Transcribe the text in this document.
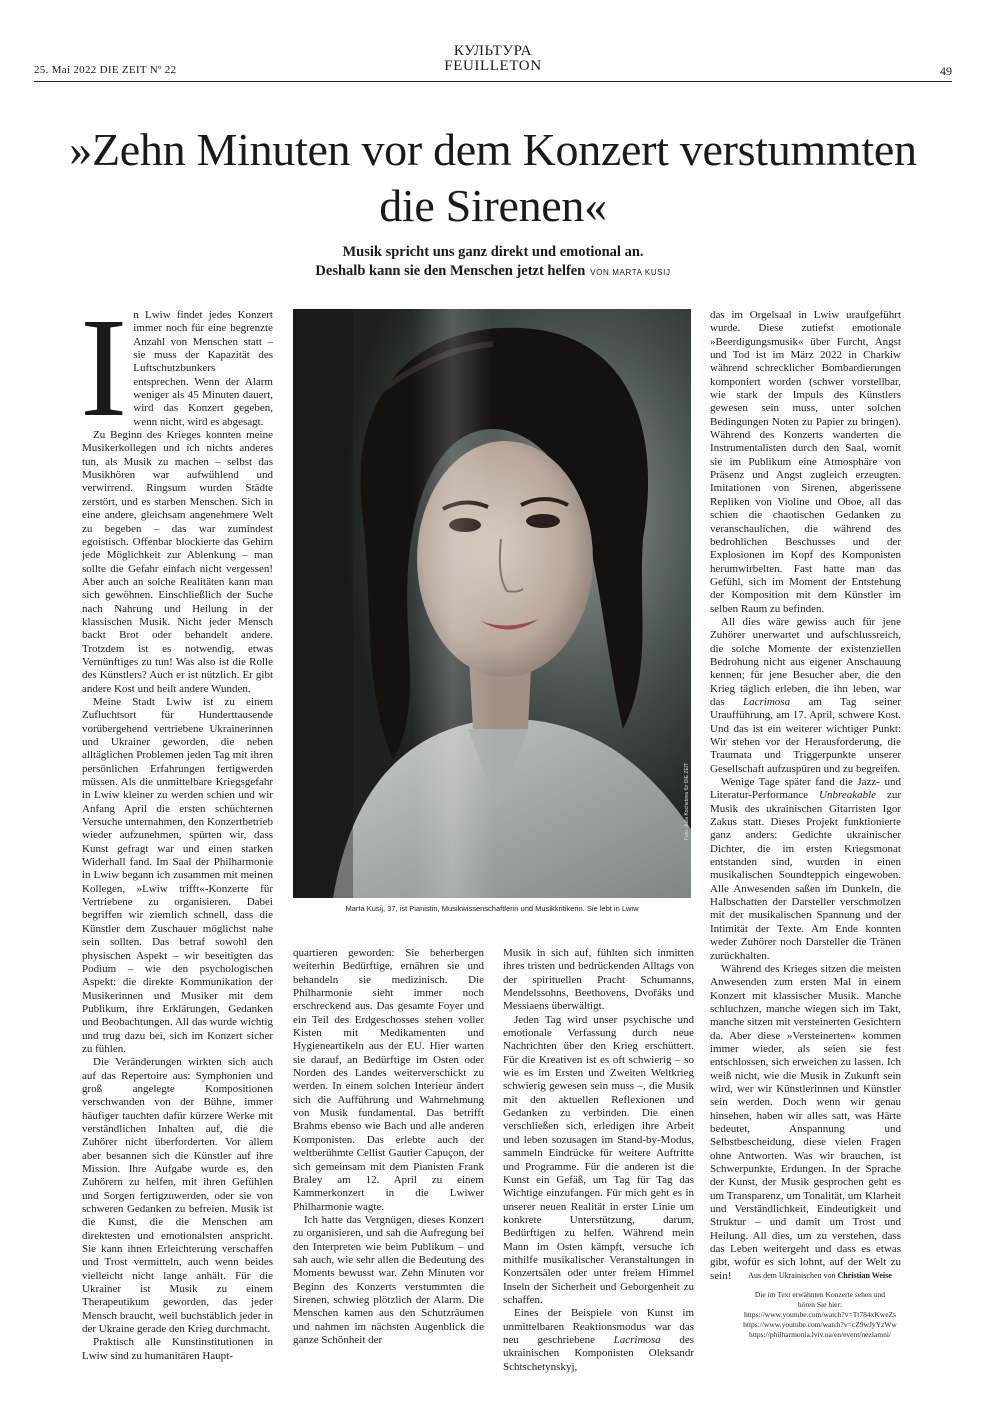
25. Mai 2022 DIE ZEIT Nº 22
КУЛЬТУРА
FEUILLETON	49
»Zehn Minuten vor dem Konzert verstummten die Sirenen«
Musik spricht uns ganz direkt und emotional an.
Deshalb kann sie den Menschen jetzt helfen VON MARTA KUSIJ
I n Lwiw findet jedes Konzert immer noch für eine begrenzte Anzahl von Menschen statt – sie muss der Kapazität des Luftschutzbunkers entsprechen. Wenn der Alarm weniger als 45 Minuten dauert, wird das Konzert gegeben, wenn nicht, wird es abgesagt.

Zu Beginn des Krieges konnten meine Musikerkollegen und ich nichts anderes tun, als Musik zu machen – selbst das Musikhören war aufwühlend und verwirrend. Ringsum wurden Städte zerstört, und es starben Menschen. Sich in eine andere, gleichsam angenehmere Welt zu begeben – das war zumindest egoistisch. Offenbar blockierte das Gehirn jede Möglichkeit zur Ablenkung – man sollte die Gefahr einfach nicht vergessen! Aber auch an solche Realitäten kann man sich gewöhnen. Einschließlich der Suche nach Nahrung und Heilung in der klassischen Musik. Nicht jeder Mensch backt Brot oder behandelt andere. Trotzdem ist es notwendig, etwas Vernünftiges zu tun! Was also ist die Rolle des Künstlers? Auch er ist nützlich. Er gibt andere Kost und heilt andere Wunden.

Meine Stadt Lwiw ist zu einem Zufluchtsort für Hunderttausende vorübergehend vertriebene Ukrainerinnen und Ukrainer geworden, die neben alltäglichen Problemen jeden Tag mit ihren persönlichen Erfahrungen fertigwerden müssen. Als die unmittelbare Kriegsgefahr in Lwiw kleiner zu werden schien und wir Anfang April die ersten schüchternen Versuche unternahmen, den Konzertbetrieb wieder aufzunehmen, spürten wir, dass Kunst gefragt war und einen starken Widerhall fand. Im Saal der Philharmonie in Lwiw begann ich zusammen mit meinen Kollegen, »Lwiw trifft«-Konzerte für Vertriebene zu organisieren. Dabei begriffen wir ziemlich schnell, dass die Künstler dem Zuschauer möglichst nahe sein sollten. Das betraf sowohl den physischen Aspekt – wir beseitigten das Podium – wie den psychologischen Aspekt: die direkte Kommunikation der Musikerinnen und Musiker mit dem Publikum, ihre Erklärungen, Gedanken und Beobachtungen. All das wurde wichtig und trug dazu bei, sich im Konzert sicher zu fühlen.

Die Veränderungen wirkten sich auch auf das Repertoire aus: Symphonien und groß angelegte Kompositionen verschwanden von der Bühne, immer häufiger tauchten dafür kürzere Werke mit verständlichen Inhalten auf, die die Zuhörer nicht überforderten. Vor allem aber besannen sich die Künstler auf ihre Mission. Ihre Aufgabe wurde es, den Zuhörern zu helfen, mit ihren Gefühlen und Sorgen fertigzuwerden, oder sie von schweren Gedanken zu befreien. Musik ist die Kunst, die die Menschen am direktesten und emotionalsten anspricht. Sie kann ihnen Erleichterung verschaffen und Trost vermitteln, auch wenn beides vielleicht nicht lange anhält. Für die Ukrainer ist Musik zu einem Therapeutikum geworden, das jeder Mensch braucht, weil buchstäblich jeder in der Ukraine gerade den Krieg durchmacht.

Praktisch alle Kunstinstitutionen in Lwiw sind zu humanitären Haupt-

Foto: Julia Kochetova für DIE ZEIT
Marta Kusij, 37, ist Pianistin, Musikwissenschaftlerin und Musikkritikerin. Sie lebt in Lwiw

quartieren geworden: Sie beherbergen weiterhin Bedürftige, ernähren sie und behandeln sie medizinisch. Die Philharmonie sieht immer noch erschreckend aus. Das gesamte Foyer und ein Teil des Erdgeschosses stehen voller Kisten mit Medikamenten und Hygieneartikeln aus der EU. Hier warten sie darauf, an Bedürftige im Osten oder Norden des Landes weiterverschickt zu werden. In einem solchen Interieur ändert sich die Aufführung und Wahrnehmung von Musik fundamental. Das betrifft Brahms ebenso wie Bach und alle anderen Komponisten. Das erlebte auch der weltberühmte Cellist Gautier Capuçon, der sich gemeinsam mit dem Pianisten Frank Braley am 12. April zu einem Kammerkonzert in die Lwiwer Philharmonie wagte.

Ich hatte das Vergnügen, dieses Konzert zu organisieren, und sah die Aufregung bei den Interpreten wie beim Publikum – und sah auch, wie sehr allen die Bedeutung des Moments bewusst war. Zehn Minuten vor Beginn des Konzerts verstummten die Sirenen, schwieg plötzlich der Alarm. Die Menschen kamen aus den Schutzräumen und nahmen im nächsten Augenblick die ganze Schönheit der

Musik in sich auf, fühlten sich inmitten ihres tristen und bedrückenden Alltags von der spirituellen Pracht Schumanns, Mendelssohns, Beethovens, Dvořáks und Messiaens überwältigt.

Jeden Tag wird unser psychische und emotionale Verfassung durch neue Nachrichten über den Krieg erschüttert. Für die Kreativen ist es oft schwierig – so wie es im Ersten und Zweiten Weltkrieg schwierig gewesen sein muss –, die Musik mit den aktuellen Reflexionen und Gedanken zu verbinden. Die einen verschließen sich, erledigen ihre Arbeit und leben sozusagen im Stand-by-Modus, sammeln Eindrücke für weitere Auftritte und Programme. Für die anderen ist die Kunst ein Gefäß, um Tag für Tag das Wichtige einzufangen. Für mich geht es in unserer neuen Realität in erster Linie um konkrete Unterstützung, darum, Bedürftigen zu helfen. Während mein Mann im Osten kämpft, versuche ich mithilfe musikalischer Veranstaltungen in Konzertsälen oder unter freiem Himmel Inseln der Sicherheit und Geborgenheit zu schaffen.

Eines der Beispiele von Kunst im unmittelbaren Reaktionsmodus war das neu geschriebene Lacrimosa des ukrainischen Komponisten Oleksandr Schtschetynskyj,

das im Orgelsaal in Lwiw uraufgeführt wurde. Diese zutiefst emotionale »Beerdigungsmusik« über Furcht, Angst und Tod ist im März 2022 in Charkiw während schrecklicher Bombardierungen komponiert worden (schwer vorstellbar, wie stark der Impuls des Künstlers gewesen sein muss, unter solchen Bedingungen Noten zu Papier zu bringen). Während des Konzerts wanderten die Instrumentalisten durch den Saal, womit sie im Publikum eine Atmosphäre von Präsenz und Angst zugleich erzeugten. Imitationen von Sirenen, abgerissene Repliken von Violine und Oboe, all das schien die chaotischen Gedanken zu veranschaulichen, die während des bedrohlichen Beschusses und der Explosionen im Kopf des Komponisten herumwirbelten. Fast hatte man das Gefühl, sich im Moment der Entstehung der Komposition mit dem Künstler im selben Raum zu befinden.

All dies wäre gewiss auch für jene Zuhörer unerwartet und aufschlussreich, die solche Momente der existenziellen Bedrohung nicht aus eigener Anschauung kennen; für jene Besucher aber, die den Krieg täglich erleben, die ihn leben, war das Lacrimosa am Tag seiner Uraufführung, am 17. April, schwere Kost. Und das ist ein weiterer wichtiger Punkt: Wir stehen vor der Herausforderung, die Traumata und Triggerpunkte unserer Gesellschaft aufzuspüren und zu begreifen.

Wenige Tage später fand die Jazz- und Literatur-Performance Unbreakable zur Musik des ukrainischen Gitarristen Igor Zakus statt. Dieses Projekt funktionierte ganz anders: Gedichte ukrainischer Dichter, die im ersten Kriegsmonat entstanden sind, wurden in einen musikalischen Soundteppich eingewoben. Alle Anwesenden saßen im Dunkeln, die Halbschatten der Darsteller verschmolzen mit der musikalischen Spannung und der Intimität der Texte. Am Ende konnten weder Zuhörer noch Darsteller die Tränen zurückhalten.

Während des Krieges sitzen die meisten Anwesenden zum ersten Mal in einem Konzert mit klassischer Musik. Manche schluchzen, manche wiegen sich im Takt, manche sitzen mit versteinerten Gesichtern da. Aber diese »Versteinerten« kommen immer wieder, als seien sie fest entschlossen, sich erweichen zu lassen. Ich weiß nicht, wie die Musik in Zukunft sein wird, wer wir Künstlerinnen und Künstler sein werden. Doch wenn wir genau hinsehen, haben wir alles satt, was Härte bedeutet, Anspannung und Selbstbescheidung, diese vielen Fragen ohne Antworten. Was wir brauchen, ist Schwerpunkte, Erdungen. In der Sprache der Kunst, der Musik gesprochen geht es um Transparenz, um Tonalität, um Klarheit und Verständlichkeit, Eindeutigkeit und Struktur – und damit um Trost und Heilung. All dies, um zu verstehen, dass das Leben weitergeht und dass es etwas gibt, wofür es sich lohnt, auf der Welt zu sein!	Aus dem Ukrainischen von Christian Weise
Die im Text erwähnten Konzerte sehen und
hören Sie hier:
https://www.youtube.com/watch?v=Tt784xKweZs
https://www.youtube.com/watch?v=cZ9wJyYzWw
https://philharmonia.lviv.ua/en/event/nezlamni/
